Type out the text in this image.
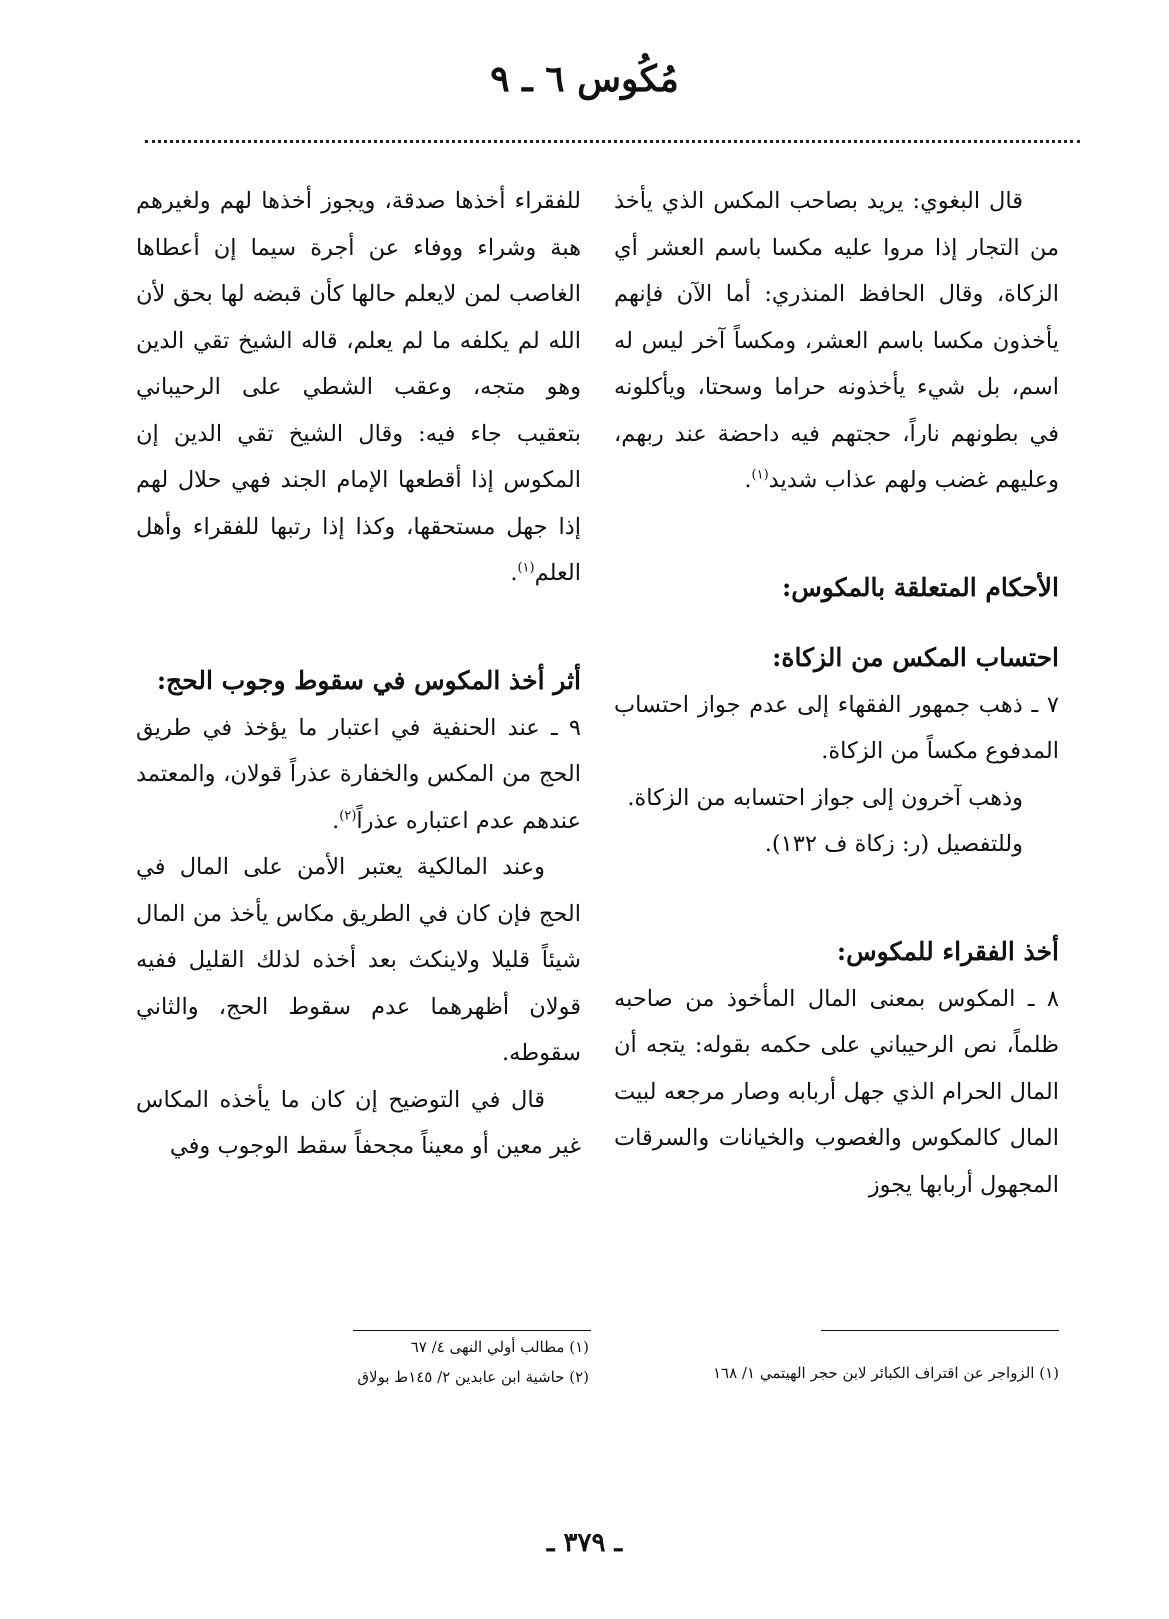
مُكُوس ٦ ـ ٩

قال البغوي: يريد بصاحب المكس الذي يأخذ من التجار إذا مروا عليه مكسا باسم العشر أي الزكاة، وقال الحافظ المنذري: أما الآن فإنهم يأخذون مكسا باسم العشر، ومكساً آخر ليس له اسم، بل شيء يأخذونه حراما وسحتا، ويأكلونه في بطونهم ناراً، حجتهم فيه داحضة عند ربهم، وعليهم غضب ولهم عذاب شديد$^{(١)}$.

الأحكام المتعلقة بالمكوس:
احتساب المكس من الزكاة:

٧ ـ ذهب جمهور الفقهاء إلى عدم جواز احتساب المدفوع مكساً من الزكاة.

وذهب آخرون إلى جواز احتسابه من الزكاة.

وللتفصيل (ر: زكاة ف ١٣٢).

أخذ الفقراء للمكوس:

٨ ـ المكوس بمعنى المال المأخوذ من صاحبه ظلماً، نص الرحيباني على حكمه بقوله: يتجه أن المال الحرام الذي جهل أربابه وصار مرجعه لبيت المال كالمكوس والغصوب والخيانات والسرقات المجهول أربابها يجوز

للفقراء أخذها صدقة، ويجوز أخذها لهم ولغيرهم هبة وشراء ووفاء عن أجرة سيما إن أعطاها الغاصب لمن لايعلم حالها كأن قبضه لها بحق لأن الله لم يكلفه ما لم يعلم، قاله الشيخ تقي الدين وهو متجه، وعقب الشطي على الرحيباني بتعقيب جاء فيه: وقال الشيخ تقي الدين إن المكوس إذا أقطعها الإمام الجند فهي حلال لهم إذا جهل مستحقها، وكذا إذا رتبها للفقراء وأهل العلم$^{(١)}$.

أثر أخذ المكوس في سقوط وجوب الحج:

٩ ـ عند الحنفية في اعتبار ما يؤخذ في طريق الحج من المكس والخفارة عذراً قولان، والمعتمد عندهم عدم اعتباره عذراً$^{(٢)}$.

وعند المالكية يعتبر الأمن على المال في الحج فإن كان في الطريق مكاس يأخذ من المال شيئاً قليلا ولاينكث بعد أخذه لذلك القليل ففيه قولان أظهرهما عدم سقوط الحج، والثاني سقوطه.

قال في التوضيح إن كان ما يأخذه المكاس غير معين أو معيناً مجحفاً سقط الوجوب وفي

(١) الزواجر عن اقتراف الكبائر لابن حجر الهيتمي ١/ ١٦٨

(١) مطالب أولي النهى ٤/ ٦٧

(٢) حاشية ابن عابدين ٢/ ١٤٥ط بولاق

ـ ٣٧٩ ـ
